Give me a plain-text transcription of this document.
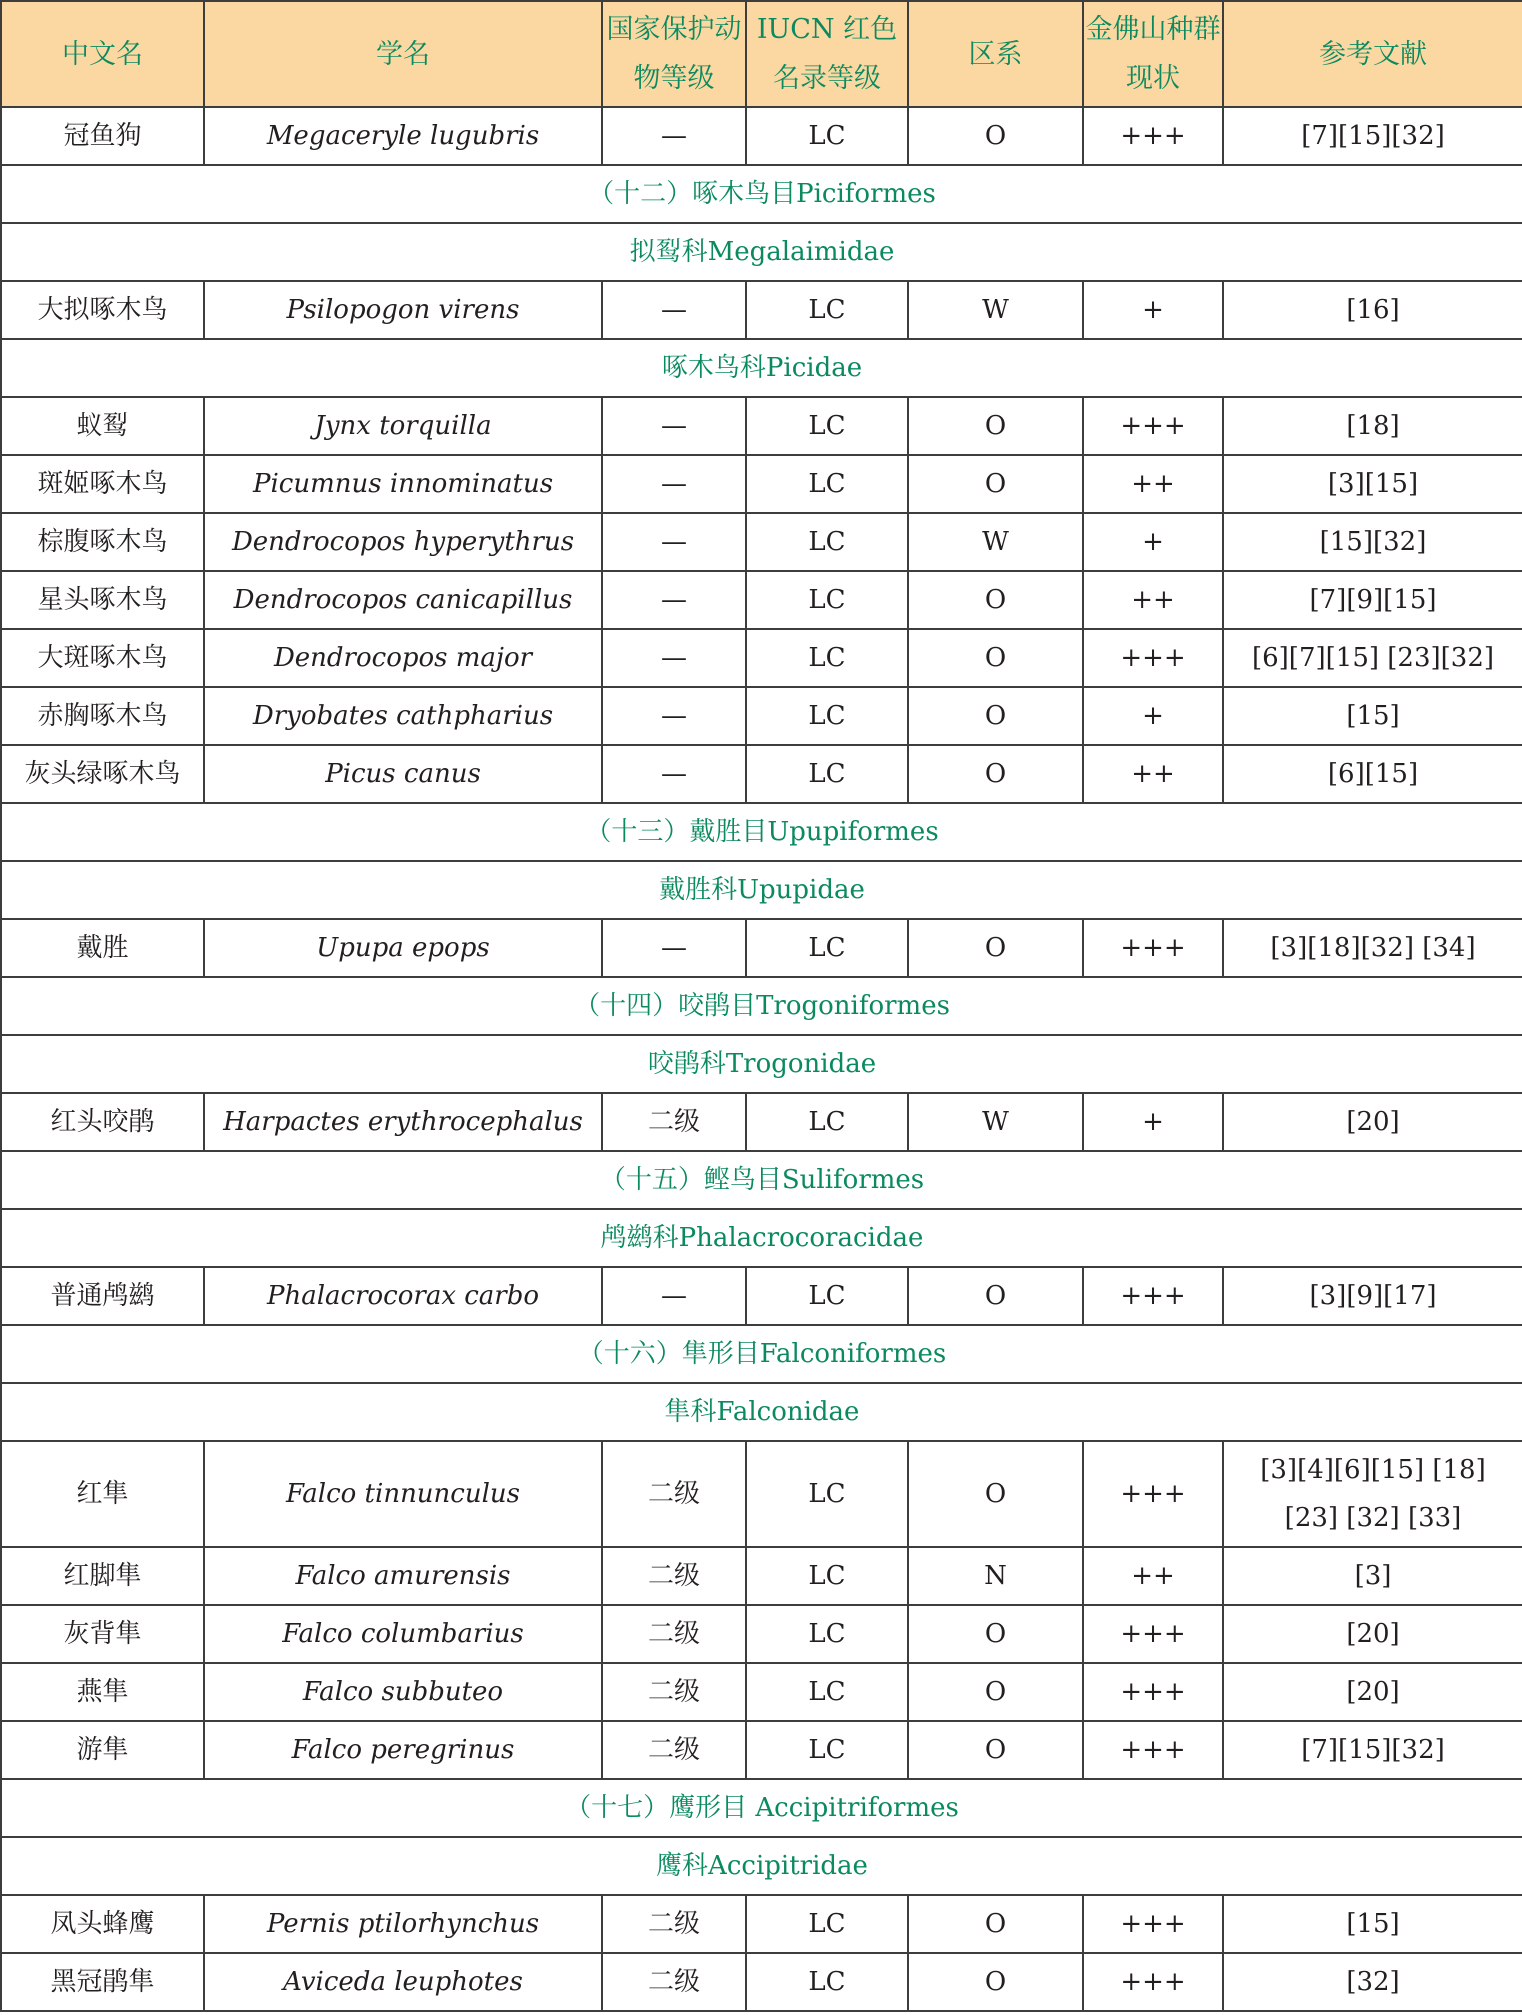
中文名	学名	国家保护动物等级	IUCN 红色名录等级	区系	金佛山种群现状	参考文献
冠鱼狗	Megaceryle lugubris	—	LC	O	+++	[7][15][32]
（十二）啄木鸟目Piciformes						
拟䴕科Megalaimidae						
大拟啄木鸟	Psilopogon virens	—	LC	W	+	[16]
啄木鸟科Picidae						
蚁䴕	Jynx torquilla	—	LC	O	+++	[18]
斑姬啄木鸟	Picumnus innominatus	—	LC	O	++	[3][15]
棕腹啄木鸟	Dendrocopos hyperythrus	—	LC	W	+	[15][32]
星头啄木鸟	Dendrocopos canicapillus	—	LC	O	++	[7][9][15]
大斑啄木鸟	Dendrocopos major	—	LC	O	+++	[6][7][15] [23][32]
赤胸啄木鸟	Dryobates cathpharius	—	LC	O	+	[15]
灰头绿啄木鸟	Picus canus	—	LC	O	++	[6][15]
（十三）戴胜目Upupiformes						
戴胜科Upupidae						
戴胜	Upupa epops	—	LC	O	+++	[3][18][32] [34]
（十四）咬鹃目Trogoniformes						
咬鹃科Trogonidae						
红头咬鹃	Harpactes erythrocephalus	二级	LC	W	+	[20]
（十五）鲣鸟目Suliformes						
鸬鹚科Phalacrocoracidae						
普通鸬鹚	Phalacrocorax carbo	—	LC	O	+++	[3][9][17]
（十六）隼形目Falconiformes						
隼科Falconidae						
红隼	Falco tinnunculus	二级	LC	O	+++	[3][4][6][15] [18][23] [32] [33]
红脚隼	Falco amurensis	二级	LC	N	++	[3]
灰背隼	Falco columbarius	二级	LC	O	+++	[20]
燕隼	Falco subbuteo	二级	LC	O	+++	[20]
游隼	Falco peregrinus	二级	LC	O	+++	[7][15][32]
（十七）鹰形目 Accipitriformes						
鹰科Accipitridae						
凤头蜂鹰	Pernis ptilorhynchus	二级	LC	O	+++	[15]
黑冠鹃隼	Aviceda leuphotes	二级	LC	O	+++	[32]
